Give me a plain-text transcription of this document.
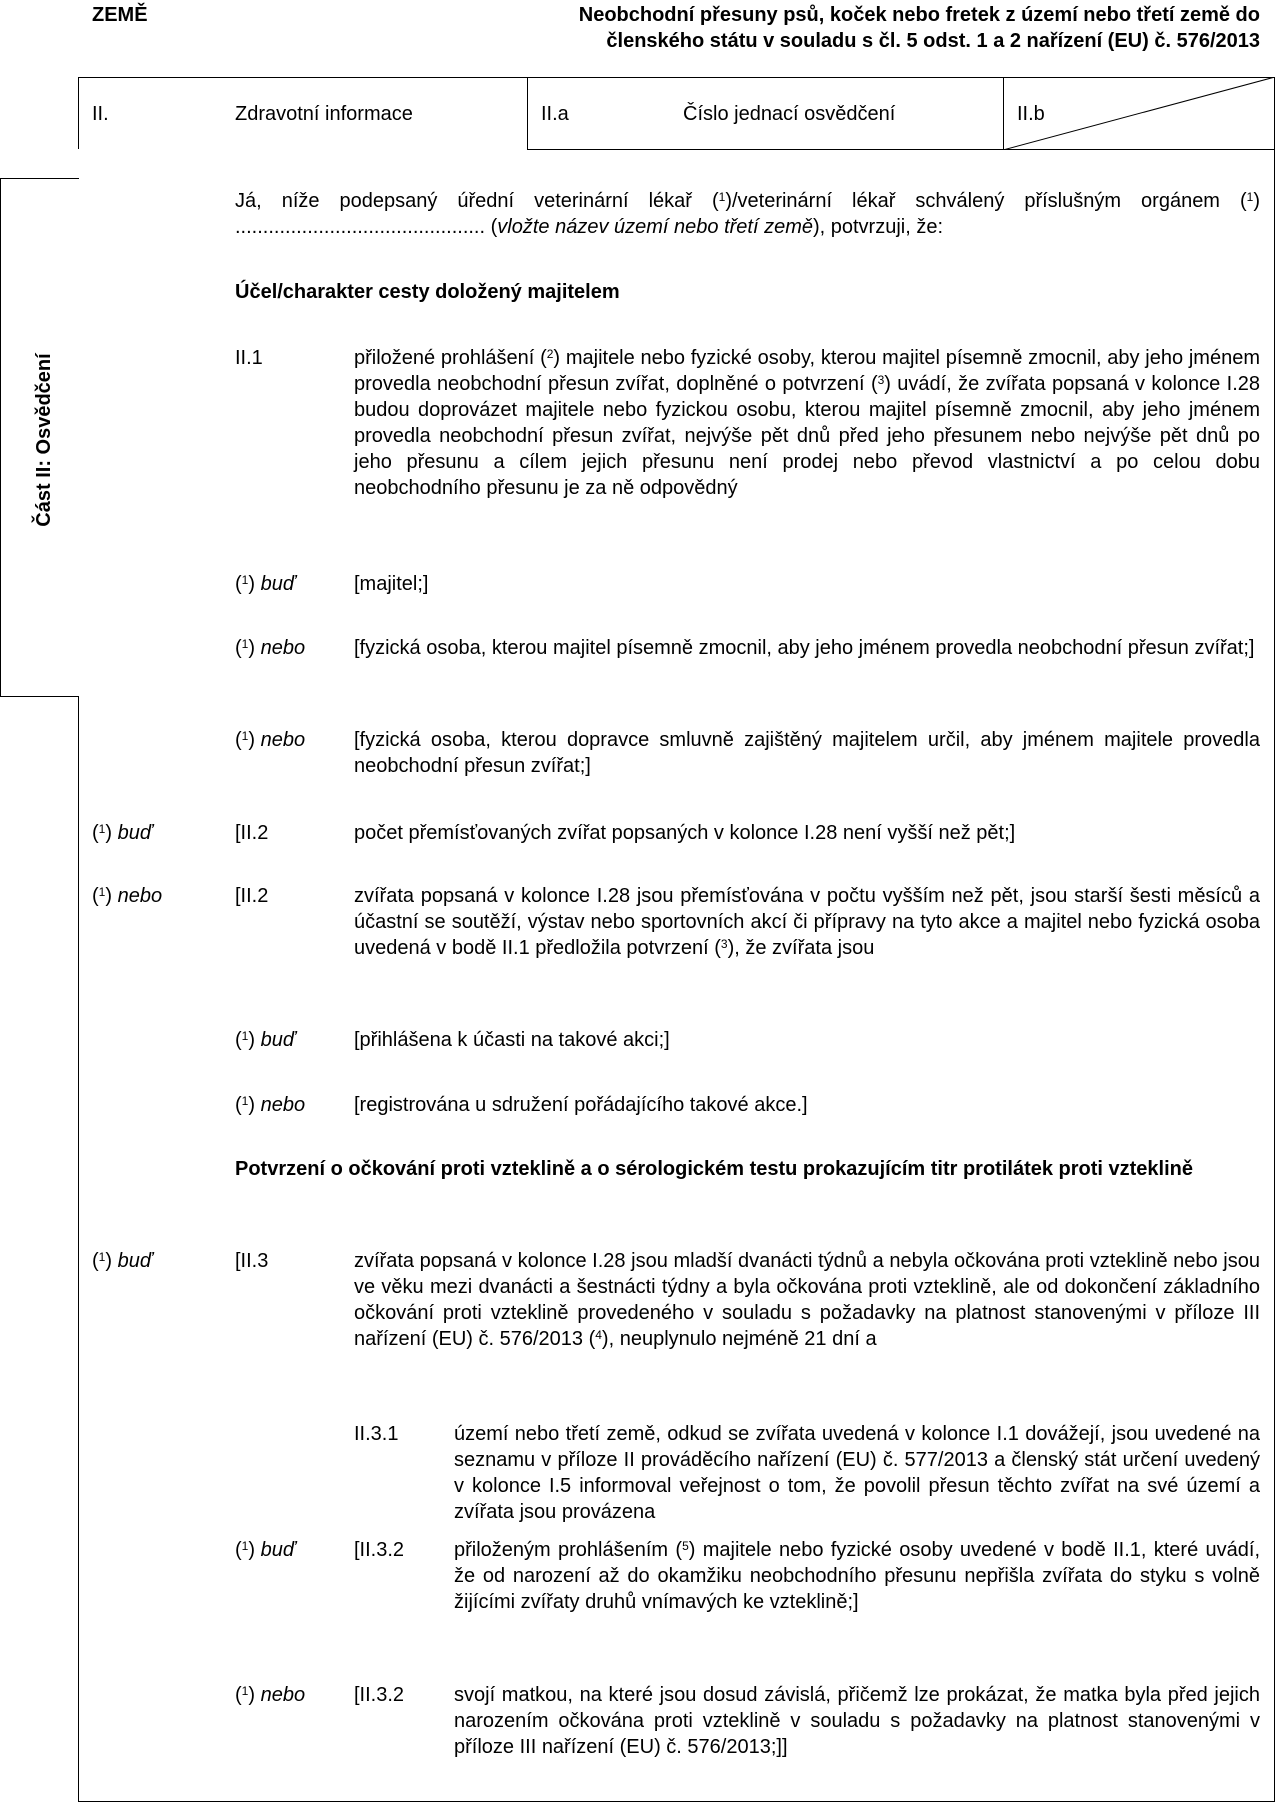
ZEMĚ	Neobchodní přesuny psů, koček nebo fretek z území nebo třetí země do
členského státu v souladu s čl. 5 odst. 1 a 2 nařízení (EU) č. 576/2013
II.	Zdravotní informace	II.a	Číslo jednací osvědčení	II.b
Část II: Osvědčení
Já, níže podepsaný úřední veterinární lékař ($^1$)/veterinární lékař schválený příslušným orgánem ($^1$) ............................................. (vložte název území nebo třetí země), potvrzuji, že:
Účel/charakter cesty doložený majitelem
II.1	přiložené prohlášení ($^2$) majitele nebo fyzické osoby, kterou majitel písemně zmocnil, aby jeho jménem provedla neobchodní přesun zvířat, doplněné o potvrzení ($^3$) uvádí, že zvířata popsaná v kolonce I.28 budou doprovázet majitele nebo fyzickou osobu, kterou majitel písemně zmocnil, aby jeho jménem provedla neobchodní přesun zvířat, nejvýše pět dnů před jeho přesunem nebo nejvýše pět dnů po jeho přesunu a cílem jejich přesunu není prodej nebo převod vlastnictví a po celou dobu neobchodního přesunu je za ně odpovědný
($^1$) buď	[majitel;]
($^1$) nebo [fyzická osoba, kterou majitel písemně zmocnil, aby jeho jménem provedla neobchodní přesun zvířat;]
($^1$) nebo [fyzická osoba, kterou dopravce smluvně zajištěný majitelem určil, aby jménem majitele provedla neobchodní přesun zvířat;]
($^1$) buď	[II.2	počet přemísťovaných zvířat popsaných v kolonce I.28 není vyšší než pět;]
($^1$) nebo	[II.2	zvířata popsaná v kolonce I.28 jsou přemísťována v počtu vyšším než pět, jsou starší šesti měsíců a účastní se soutěží, výstav nebo sportovních akcí či přípravy na tyto akce a majitel nebo fyzická osoba uvedená v bodě II.1 předložila potvrzení ($^3$), že zvířata jsou
($^1$) buď	[přihlášena k účasti na takové akci;]
($^1$) nebo [registrována u sdružení pořádajícího takové akce.]
Potvrzení o očkování proti vzteklině a o sérologickém testu prokazujícím titr protilátek proti vzteklině
($^1$) buď	[II.3	zvířata popsaná v kolonce I.28 jsou mladší dvanácti týdnů a nebyla očkována proti vzteklině nebo jsou ve věku mezi dvanácti a šestnácti týdny a byla očkována proti vzteklině, ale od dokončení základního očkování proti vzteklině provedeného v souladu s požadavky na platnost stanovenými v příloze III nařízení (EU) č. 576/2013 ($^4$), neuplynulo nejméně 21 dní a
II.3.1	území nebo třetí země, odkud se zvířata uvedená v kolonce I.1 dovážejí, jsou uvedené na seznamu v příloze II prováděcího nařízení (EU) č. 577/2013 a členský stát určení uvedený v kolonce I.5 informoval veřejnost o tom, že povolil přesun těchto zvířat na své území a zvířata jsou provázena
($^1$) buď	[II.3.2 přiloženým prohlášením ($^5$) majitele nebo fyzické osoby uvedené v bodě II.1, které uvádí, že od narození až do okamžiku neobchodního přesunu nepřišla zvířata do styku s volně žijícími zvířaty druhů vnímavých ke vzteklině;]
($^1$) nebo [II.3.2 svojí matkou, na které jsou dosud závislá, přičemž lze prokázat, že matka byla před jejich narozením očkována proti vzteklině v souladu s požadavky na platnost stanovenými v příloze III nařízení (EU) č. 576/2013;]]
